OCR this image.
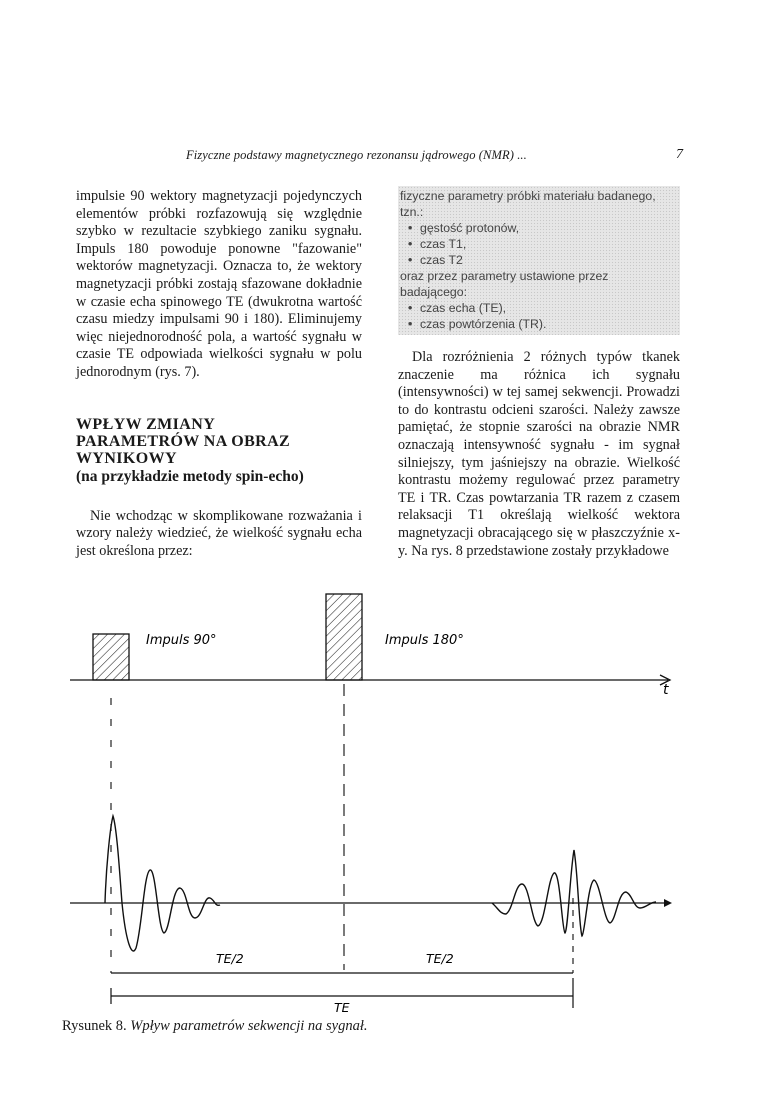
Fizyczne podstawy magnetycznego rezonansu jądrowego (NMR) ...	7

impulsie 90 wektory magnetyzacji pojedynczych elementów próbki rozfazowują się względnie szybko w rezultacie szybkiego zaniku sygnału. Impuls 180 powoduje ponowne "fazowanie" wektorów magnetyzacji. Oznacza to, że wektory magnetyzacji próbki zostają sfazowane dokładnie w czasie echa spinowego TE (dwukrotna wartość czasu miedzy impulsami 90 i 180). Eliminujemy więc niejednorodność pola, a wartość sygnału w czasie TE odpowiada wielkości sygnału w polu jednorodnym (rys. 7).

WPŁYW ZMIANY
PARAMETRÓW NA OBRAZ
WYNIKOWY
(na przykładzie metody spin-echo)

Nie wchodząc w skomplikowane rozważania i wzory należy wiedzieć, że wielkość sygnału echa jest określona przez:

fizyczne parametry próbki materiału badanego, tzn.:
• gęstość protonów,
• czas T1,
• czas T2
oraz przez parametry ustawione przez badającego:
• czas echa (TE),
• czas powtórzenia (TR).

Dla rozróżnienia 2 różnych typów tkanek znaczenie ma różnica ich sygnału (intensywności) w tej samej sekwencji. Prowadzi to do kontrastu odcieni szarości. Należy zawsze pamiętać, że stopnie szarości na obrazie NMR oznaczają intensywność sygnału - im sygnał silniejszy, tym jaśniejszy na obrazie. Wielkość kontrastu możemy regulować przez parametry TE i TR. Czas powtarzania TR razem z czasem relaksacji T1 określają wielkość wektora magnetyzacji obracającego się w płaszczyźnie x-y. Na rys. 8 przedstawione zostały przykładowe

Impuls 90°	Impuls 180°
t
TE/2	TE/2
TE
Rysunek 8. Wpływ parametrów sekwencji na sygnał.
